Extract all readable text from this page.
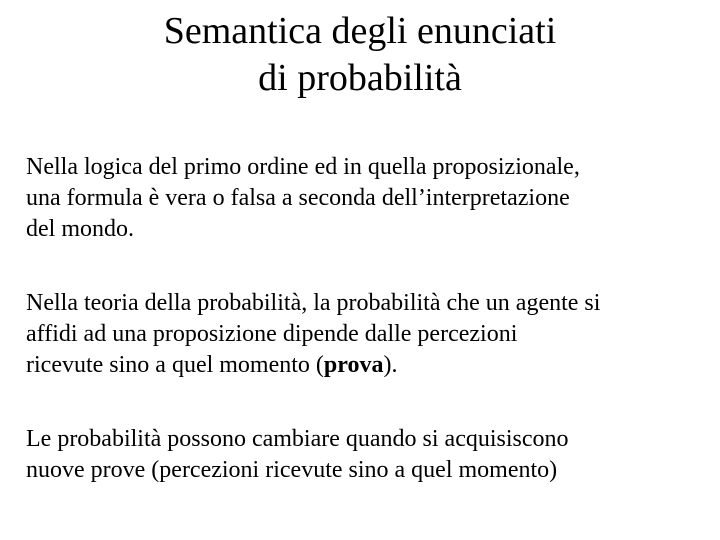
Semantica degli enunciati
di probabilità

Nella logica del primo ordine ed in quella proposizionale,
una formula è vera o falsa a seconda dell’interpretazione
del mondo.

Nella teoria della probabilità, la probabilità che un agente si
affidi ad una proposizione dipende dalle percezioni
ricevute sino a quel momento (prova).

Le probabilità possono cambiare quando si acquisiscono
nuove prove (percezioni ricevute sino a quel momento)
